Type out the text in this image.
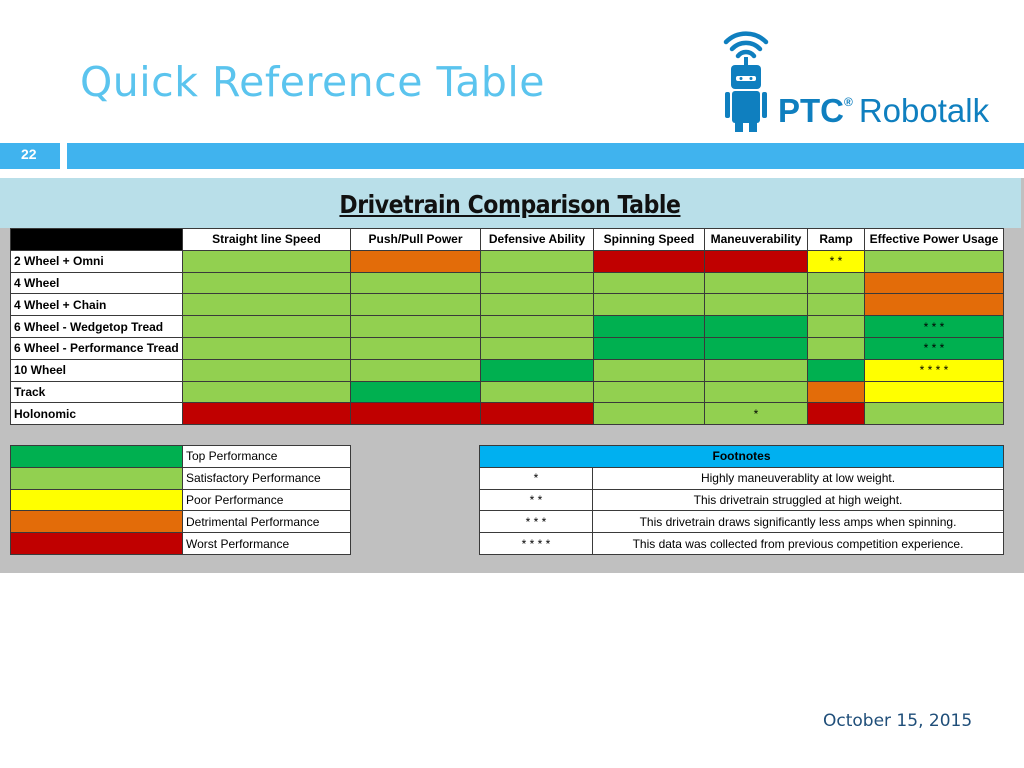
Quick Reference Table
PTC® Robotalk
22
Drivetrain Comparison Table
	Straight line Speed	Push/Pull Power	Defensive Ability	Spinning Speed	Maneuverability	Ramp	Effective Power Usage
2 Wheel + Omni						* *	
4 Wheel							
4 Wheel + Chain							
6 Wheel - Wedgetop Tread							* * *
6 Wheel - Performance Tread							* * *
10 Wheel							* * * *
Track							
Holonomic					*		
	Top Performance
	Satisfactory Performance
	Poor Performance
	Detrimental Performance
	Worst Performance
Footnotes	
*	Highly maneuverablity at low weight.
* *	This drivetrain struggled at high weight.
* * *	This drivetrain draws significantly less amps when spinning.
* * * *	This data was collected from previous competition experience.
October 15, 2015
